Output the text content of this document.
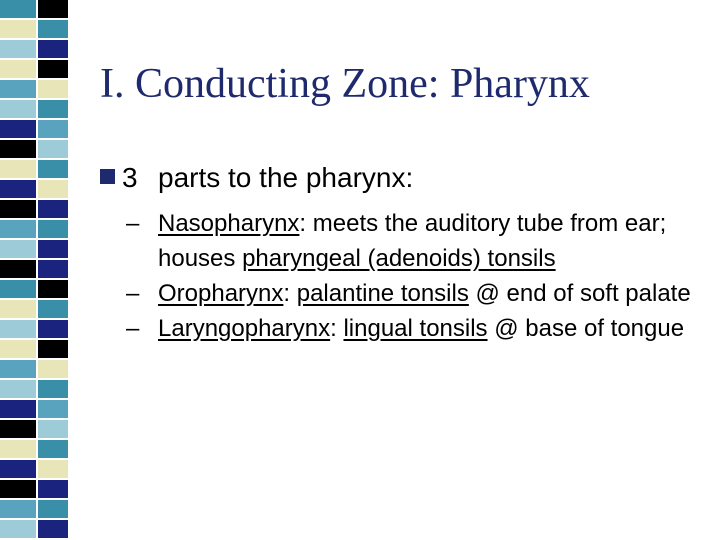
I. Conducting Zone: Pharynx
3 parts to the pharynx:
– Nasopharynx: meets the auditory tube from ear; houses pharyngeal (adenoids) tonsils
– Oropharynx: palantine tonsils @ end of soft palate
– Laryngopharynx: lingual tonsils @ base of tongue
